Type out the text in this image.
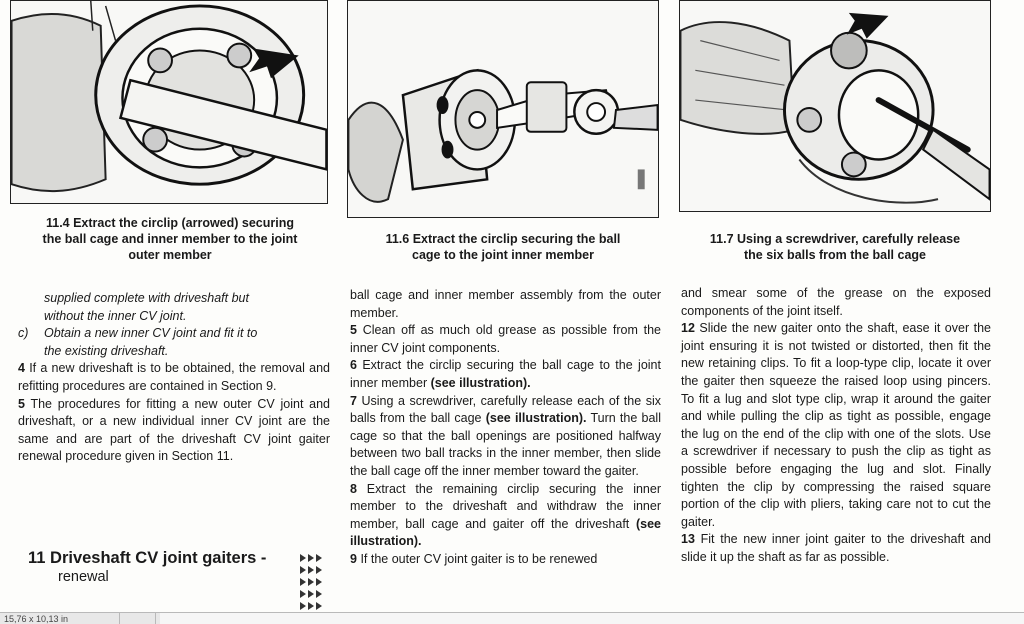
11.4 Extract the circlip (arrowed) securing
the ball cage and inner member to the joint
outer member
11.6 Extract the circlip securing the ball
cage to the joint inner member
11.7 Using a screwdriver, carefully release
the six balls from the ball cage

supplied complete with driveshaft but
without the inner CV joint.

c) Obtain a new inner CV joint and fit it to
the existing driveshaft.

4 If a new driveshaft is to be obtained, the removal and refitting procedures are contained in Section 9.

5 The procedures for fitting a new outer CV joint and driveshaft, or a new individual inner CV joint are the same and are part of the driveshaft CV joint gaiter renewal procedure given in Section 11.

11 Driveshaft CV joint gaiters -
renewal

ball cage and inner member assembly from the outer member.

5 Clean off as much old grease as possible from the inner CV joint components.

6 Extract the circlip securing the ball cage to the joint inner member (see illustration).

7 Using a screwdriver, carefully release each of the six balls from the ball cage (see illustration). Turn the ball cage so that the ball openings are positioned halfway between two ball tracks in the inner member, then slide the ball cage off the inner member toward the gaiter.

8 Extract the remaining circlip securing the inner member to the driveshaft and withdraw the inner member, ball cage and gaiter off the driveshaft (see illustration).

9 If the outer CV joint gaiter is to be renewed

and smear some of the grease on the exposed components of the joint itself.

12 Slide the new gaiter onto the shaft, ease it over the joint ensuring it is not twisted or distorted, then fit the new retaining clips. To fit a loop-type clip, locate it over the gaiter then squeeze the raised loop using pincers. To fit a lug and slot type clip, wrap it around the gaiter and while pulling the clip as tight as possible, engage the lug on the end of the clip with one of the slots. Use a screwdriver if necessary to push the clip as tight as possible before engaging the lug and slot. Finally tighten the clip by compressing the raised square portion of the clip with pliers, taking care not to cut the gaiter.

13 Fit the new inner joint gaiter to the driveshaft and slide it up the shaft as far as possible.

15,76 x 10,13 in
